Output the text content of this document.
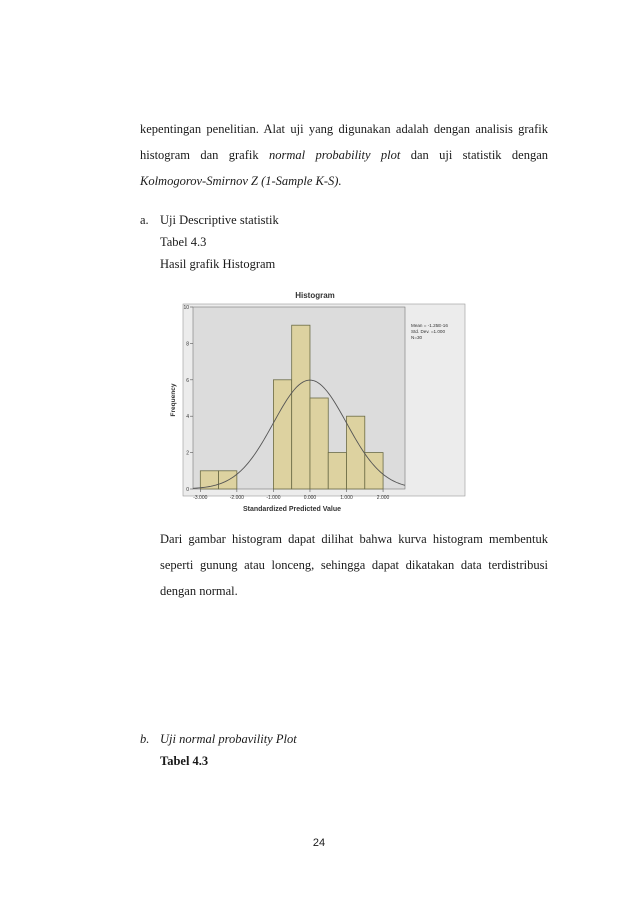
kepentingan penelitian. Alat uji yang digunakan adalah dengan analisis grafik
histogram dan grafik normal probability plot dan uji statistik dengan
Kolmogorov-Smirnov Z (1-Sample K-S).
a. Uji Descriptive statistik
Tabel 4.3
Hasil grafik Histogram
Histogram
Frequency
Standardized Predicted Value
-3.000	-2.000	-1.000	0.000	1.000	2.000
0
2
4
6
8
10
Mean = -1.25E-16
Std. Dev. =1.000
N=30
Dari gambar histogram dapat dilihat bahwa kurva histogram membentuk
seperti gunung atau lonceng, sehingga dapat dikatakan data terdistribusi
dengan normal.
b. Uji normal probavility Plot
Tabel 4.3
24
